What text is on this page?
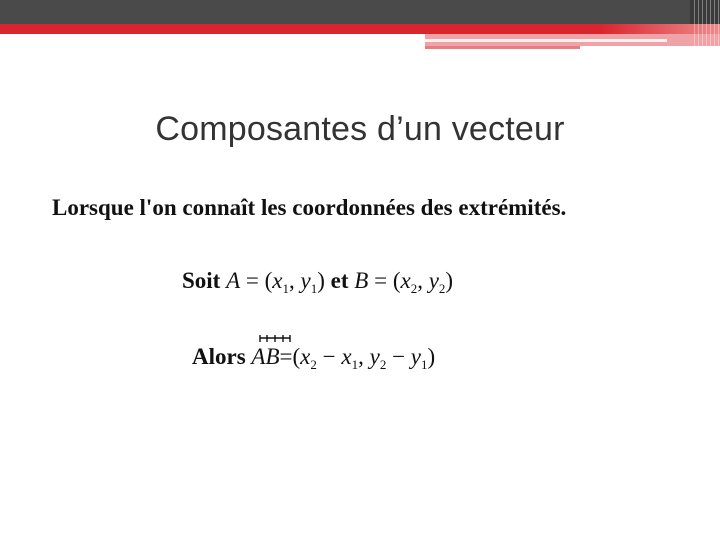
Composantes d’un vecteur
Lorsque l'on connaît les coordonnées des extrémités.
Soit $A = (x_1$, $y_1$) et $B = (x_2$, $y_2$)
Alors $AB=(x_2 - x_1$, $y_2 - y_1$)
